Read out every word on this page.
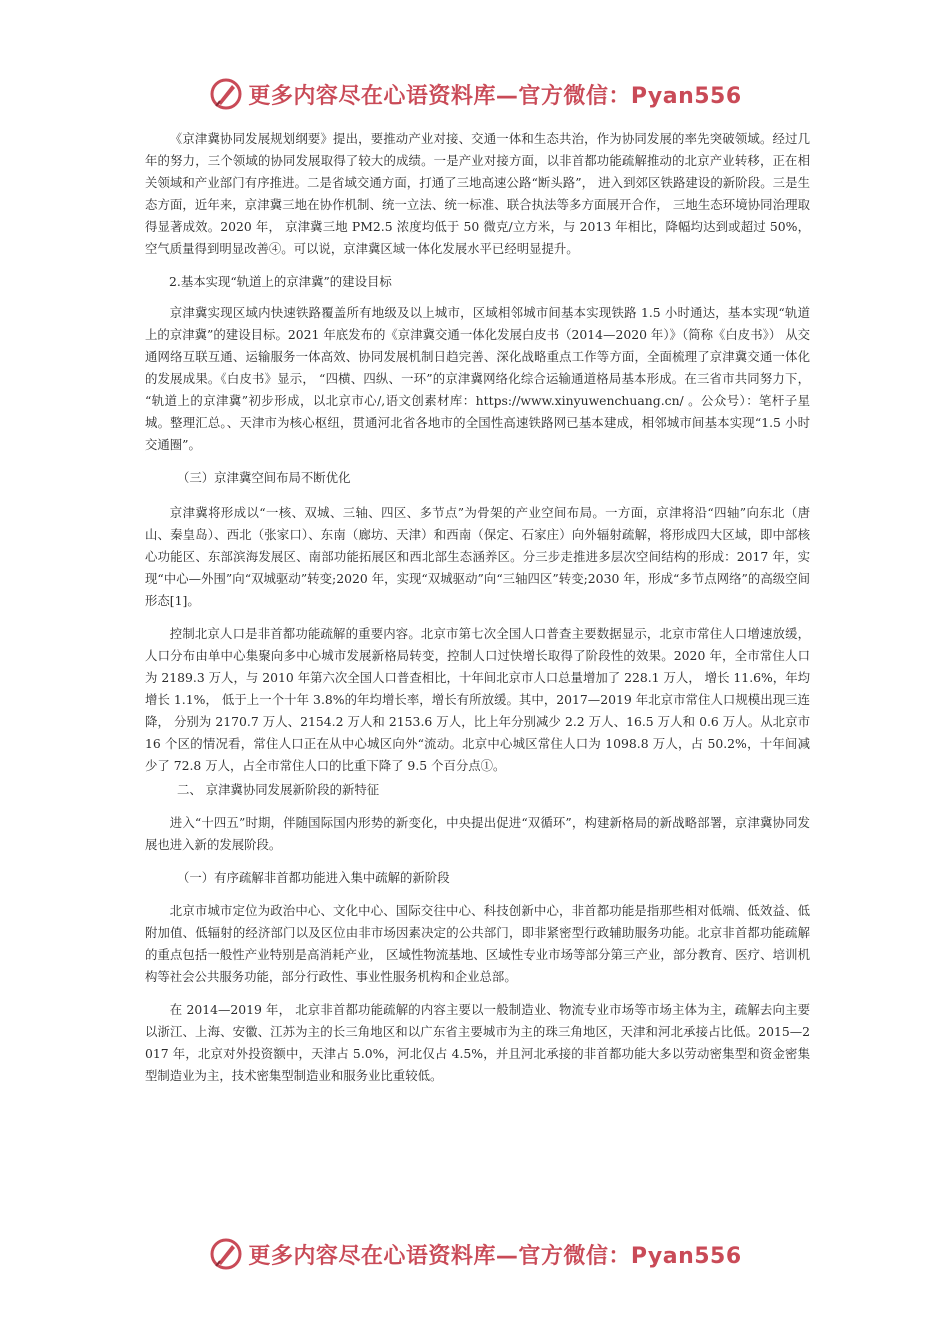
更多内容尽在心语资料库—官方微信：Pyan556

《京津冀协同发展规划纲要》提出，要推动产业对接、交通一体和生态共治，作为协同发展的率先突破领域。经过几年的努力，三个领域的协同发展取得了较大的成绩。一是产业对接方面，以非首都功能疏解推动的北京产业转移，正在相关领域和产业部门有序推进。二是省域交通方面，打通了三地高速公路“断头路”， 进入到郊区铁路建设的新阶段。三是生态方面，近年来，京津冀三地在协作机制、统一立法、统一标准、联合执法等多方面展开合作， 三地生态环境协同治理取得显著成效。2020 年， 京津冀三地 PM2.5 浓度均低于 50 微克/立方米，与 2013 年相比，降幅均达到或超过 50%，空气质量得到明显改善④。可以说，京津冀区域一体化发展水平已经明显提升。

2.基本实现“轨道上的京津冀”的建设目标

京津冀实现区域内快速铁路覆盖所有地级及以上城市，区域相邻城市间基本实现铁路 1.5 小时通达，基本实现“轨道上的京津冀”的建设目标。2021 年底发布的《京津冀交通一体化发展白皮书（2014—2020 年）》（简称《白皮书》） 从交通网络互联互通、运输服务一体高效、协同发展机制日趋完善、深化战略重点工作等方面，全面梳理了京津冀交通一体化的发展成果。《白皮书》显示， “四横、四纵、一环”的京津冀网络化综合运输通道格局基本形成。在三省市共同努力下， “轨道上的京津冀”初步形成，以北京市心/,语文创素材库：https://www.xinyuwenchuang.cn/ 。公众号）：笔杆子星城。整理汇总。、天津市为核心枢纽，贯通河北省各地市的全国性高速铁路网已基本建成，相邻城市间基本实现“1.5 小时交通圈”。

（三）京津冀空间布局不断优化

京津冀将形成以“一核、双城、三轴、四区、多节点”为骨架的产业空间布局。一方面，京津将沿“四轴”向东北（唐山、秦皇岛）、西北（张家口）、东南（廊坊、天津）和西南（保定、石家庄）向外辐射疏解，将形成四大区域，即中部核心功能区、东部滨海发展区、南部功能拓展区和西北部生态涵养区。分三步走推进多层次空间结构的形成：2017 年，实现“中心—外围”向“双城驱动”转变;2020 年，实现“双城驱动”向“三轴四区”转变;2030 年，形成“多节点网络”的高级空间形态[1]。

控制北京人口是非首都功能疏解的重要内容。北京市第七次全国人口普查主要数据显示，北京市常住人口增速放缓，人口分布由单中心集聚向多中心城市发展新格局转变，控制人口过快增长取得了阶段性的效果。2020 年，全市常住人口为 2189.3 万人，与 2010 年第六次全国人口普查相比，十年间北京市人口总量增加了 228.1 万人， 增长 11.6%，年均增长 1.1%， 低于上一个十年 3.8%的年均增长率，增长有所放缓。其中，2017—2019 年北京市常住人口规模出现三连降， 分别为 2170.7 万人、2154.2 万人和 2153.6 万人，比上年分别减少 2.2 万人、16.5 万人和 0.6 万人。从北京市 16 个区的情况看，常住人口正在从中心城区向外“流动。北京中心城区常住人口为 1098.8 万人，占 50.2%，十年间减少了 72.8 万人，占全市常住人口的比重下降了 9.5 个百分点①。

二、 京津冀协同发展新阶段的新特征

进入“十四五”时期，伴随国际国内形势的新变化，中央提出促进“双循环”，构建新格局的新战略部署，京津冀协同发展也进入新的发展阶段。

（一）有序疏解非首都功能进入集中疏解的新阶段

北京市城市定位为政治中心、文化中心、国际交往中心、科技创新中心，非首都功能是指那些相对低端、低效益、低附加值、低辐射的经济部门以及区位由非市场因素决定的公共部门，即非紧密型行政辅助服务功能。北京非首都功能疏解的重点包括一般性产业特别是高消耗产业， 区域性物流基地、区域性专业市场等部分第三产业，部分教育、医疗、培训机构等社会公共服务功能，部分行政性、事业性服务机构和企业总部。

在 2014—2019 年， 北京非首都功能疏解的内容主要以一般制造业、物流专业市场等市场主体为主，疏解去向主要以浙江、上海、安徽、江苏为主的长三角地区和以广东省主要城市为主的珠三角地区，天津和河北承接占比低。2015—2017 年，北京对外投资额中，天津占 5.0%，河北仅占 4.5%，并且河北承接的非首都功能大多以劳动密集型和资金密集型制造业为主，技术密集型制造业和服务业比重较低。

更多内容尽在心语资料库—官方微信：Pyan556
